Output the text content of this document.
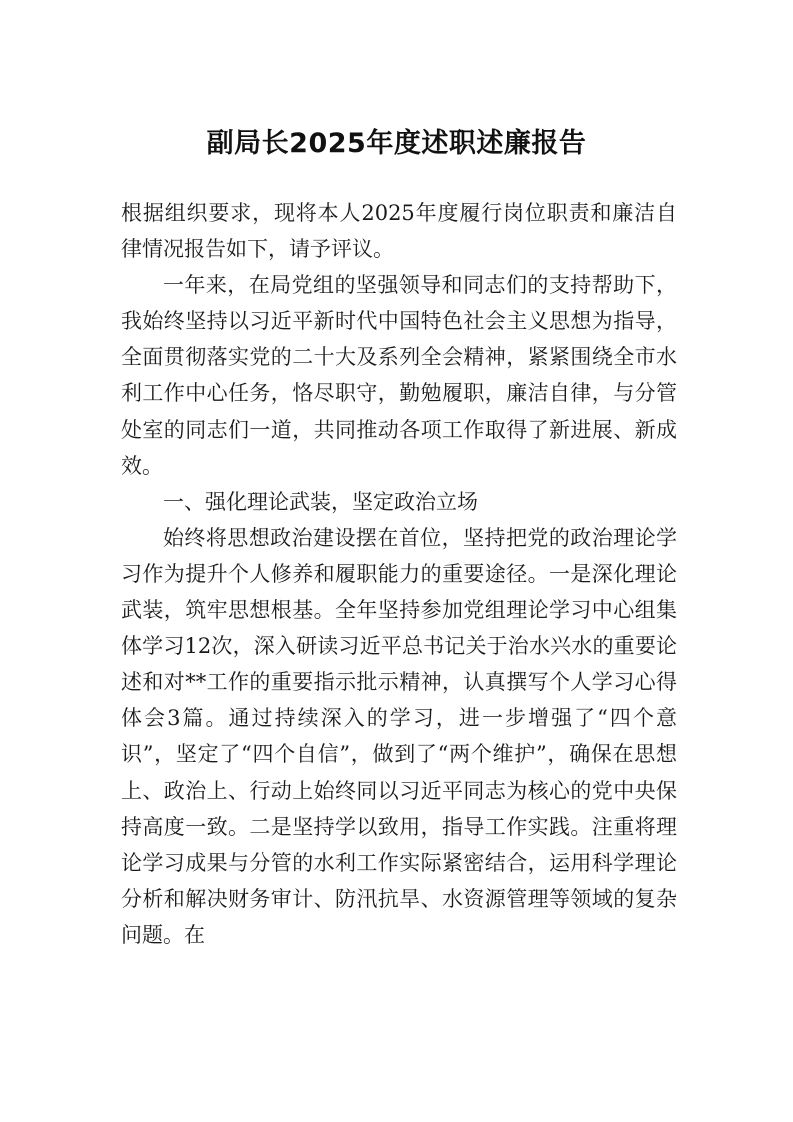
副局长2025年度述职述廉报告

根据组织要求，现将本人2025年度履行岗位职责和廉洁自律情况报告如下，请予评议。

一年来，在局党组的坚强领导和同志们的支持帮助下，我始终坚持以习近平新时代中国特色社会主义思想为指导，全面贯彻落实党的二十大及系列全会精神，紧紧围绕全市水利工作中心任务，恪尽职守，勤勉履职，廉洁自律，与分管处室的同志们一道，共同推动各项工作取得了新进展、新成效。

一、强化理论武装，坚定政治立场

始终将思想政治建设摆在首位，坚持把党的政治理论学习作为提升个人修养和履职能力的重要途径。一是深化理论武装，筑牢思想根基。全年坚持参加党组理论学习中心组集体学习12次，深入研读习近平总书记关于治水兴水的重要论述和对**工作的重要指示批示精神，认真撰写个人学习心得体会3篇。通过持续深入的学习，进一步增强了“四个意识”，坚定了“四个自信”，做到了“两个维护”，确保在思想上、政治上、行动上始终同以习近平同志为核心的党中央保持高度一致。二是坚持学以致用，指导工作实践。注重将理论学习成果与分管的水利工作实际紧密结合，运用科学理论分析和解决财务审计、防汛抗旱、水资源管理等领域的复杂问题。在
